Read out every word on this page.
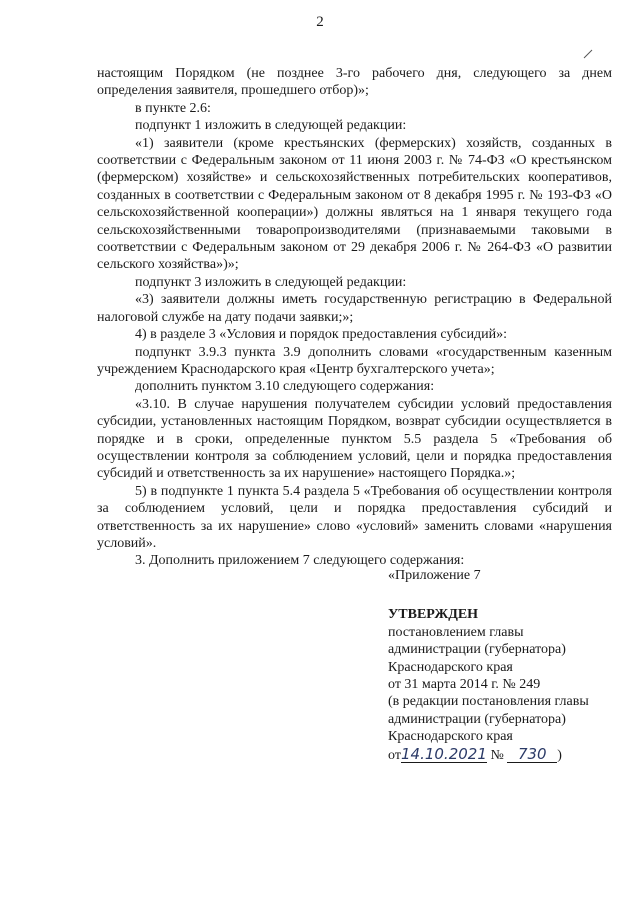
2

настоящим Порядком (не позднее 3-го рабочего дня, следующего за днем определения заявителя, прошедшего отбор)»;

в пункте 2.6:

подпункт 1 изложить в следующей редакции:

«1) заявители (кроме крестьянских (фермерских) хозяйств, созданных в соответствии с Федеральным законом от 11 июня 2003 г. № 74-ФЗ «О крестьянском (фермерском) хозяйстве» и сельскохозяйственных потребительских кооперативов, созданных в соответствии с Федеральным законом от 8 декабря 1995 г. № 193-ФЗ «О сельскохозяйственной кооперации») должны являться на 1 января текущего года сельскохозяйственными товаропроизводителями (признаваемыми таковыми в соответствии с Федеральным законом от 29 декабря 2006 г. № 264-ФЗ «О развитии сельского хозяйства»)»;

подпункт 3 изложить в следующей редакции:

«3) заявители должны иметь государственную регистрацию в Федеральной налоговой службе на дату подачи заявки;»;

4) в разделе 3 «Условия и порядок предоставления субсидий»:

подпункт 3.9.3 пункта 3.9 дополнить словами «государственным казенным учреждением Краснодарского края «Центр бухгалтерского учета»;

дополнить пунктом 3.10 следующего содержания:

«3.10. В случае нарушения получателем субсидии условий предоставления субсидии, установленных настоящим Порядком, возврат субсидии осуществляется в порядке и в сроки, определенные пунктом 5.5 раздела 5 «Требования об осуществлении контроля за соблюдением условий, цели и порядка предоставления субсидий и ответственность за их нарушение» настоящего Порядка.»;

5) в подпункте 1 пункта 5.4 раздела 5 «Требования об осуществлении контроля за соблюдением условий, цели и порядка предоставления субсидий и ответственность за их нарушение» слово «условий» заменить словами «нарушения условий».

3. Дополнить приложением 7 следующего содержания:

«Приложение 7

УТВЕРЖДЕН

постановлением главы

администрации (губернатора)

Краснодарского края

от 31 марта 2014 г. № 249

(в редакции постановления главы

администрации (губернатора)

Краснодарского края

от14.10.2021 № 730 )
